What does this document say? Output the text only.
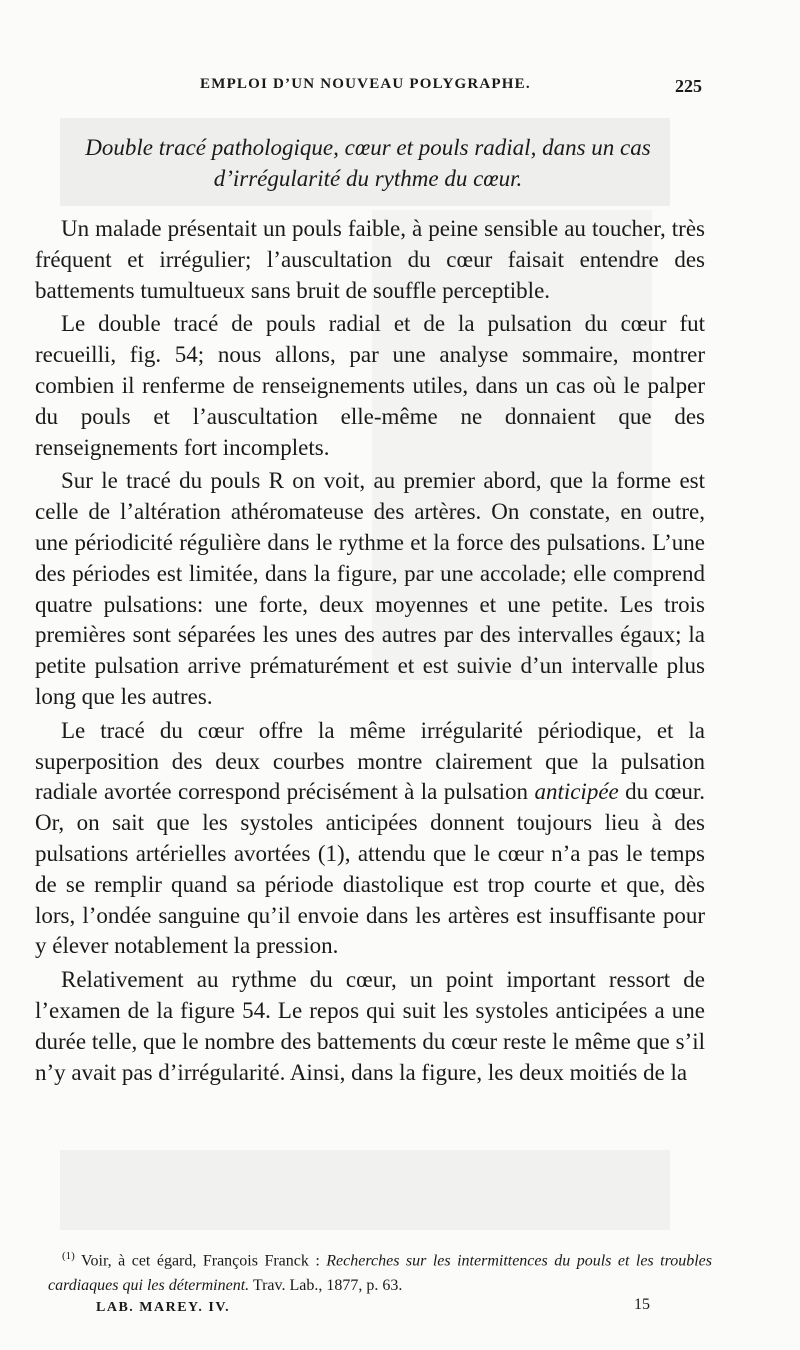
EMPLOI D’UN NOUVEAU POLYGRAPHE.	225
Double tracé pathologique, cœur et pouls radial, dans un cas
d’irrégularité du rythme du cœur.

Un malade présentait un pouls faible, à peine sensible au toucher, très fréquent et irrégulier; l’auscultation du cœur faisait entendre des battements tumultueux sans bruit de souffle perceptible.

Le double tracé de pouls radial et de la pulsation du cœur fut recueilli, fig. 54; nous allons, par une analyse sommaire, montrer combien il renferme de renseignements utiles, dans un cas où le palper du pouls et l’auscultation elle-même ne donnaient que des renseignements fort incomplets.

Sur le tracé du pouls R on voit, au premier abord, que la forme est celle de l’altération athéromateuse des artères. On constate, en outre, une périodicité régulière dans le rythme et la force des pulsations. L’une des périodes est limitée, dans la figure, par une accolade; elle comprend quatre pulsations: une forte, deux moyennes et une petite. Les trois premières sont séparées les unes des autres par des intervalles égaux; la petite pulsation arrive prématurément et est suivie d’un intervalle plus long que les autres.

Le tracé du cœur offre la même irrégularité périodique, et la superposition des deux courbes montre clairement que la pulsation radiale avortée correspond précisément à la pulsation anticipée du cœur. Or, on sait que les systoles anticipées donnent toujours lieu à des pulsations artérielles avortées (1), attendu que le cœur n’a pas le temps de se remplir quand sa période diastolique est trop courte et que, dès lors, l’ondée sanguine qu’il envoie dans les artères est insuffisante pour y élever notablement la pression.

Relativement au rythme du cœur, un point important ressort de l’examen de la figure 54. Le repos qui suit les systoles anticipées a une durée telle, que le nombre des battements du cœur reste le même que s’il n’y avait pas d’irrégularité. Ainsi, dans la figure, les deux moitiés de la

$^{(1)}$ Voir, à cet égard, François Franck : Recherches sur les intermittences du pouls et les troubles cardiaques qui les déterminent. Trav. Lab., 1877, p. 63.
LAB. MAREY. IV.	15
